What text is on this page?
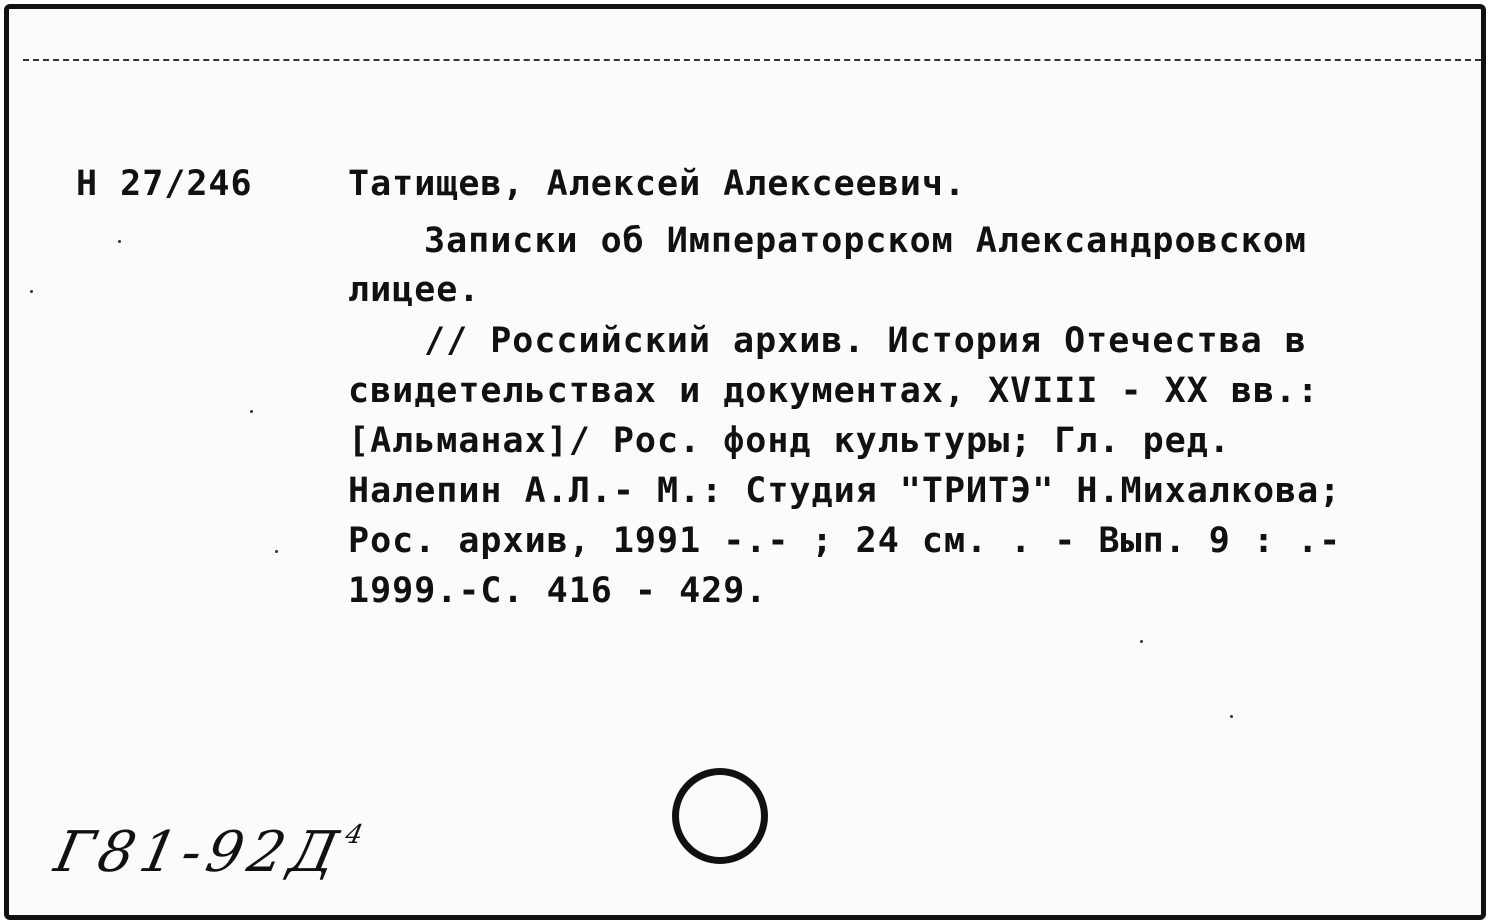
Н 27/246	Татищев, Алексей Алексеевич.
Записки об Императорском Александровском
лицее.
// Российский архив. История Отечества в
свидетельствах и документах, XVIII - XX вв.:
[Альманах]/ Рос. фонд культуры; Гл. ред.
Налепин А.Л.- М.: Студия "ТРИТЭ" Н.Михалкова;
Рос. архив, 1991 -.- ; 24 см. . - Вып. 9 : .-
1999.-С. 416 - 429.
$Г81-92Д^4$
